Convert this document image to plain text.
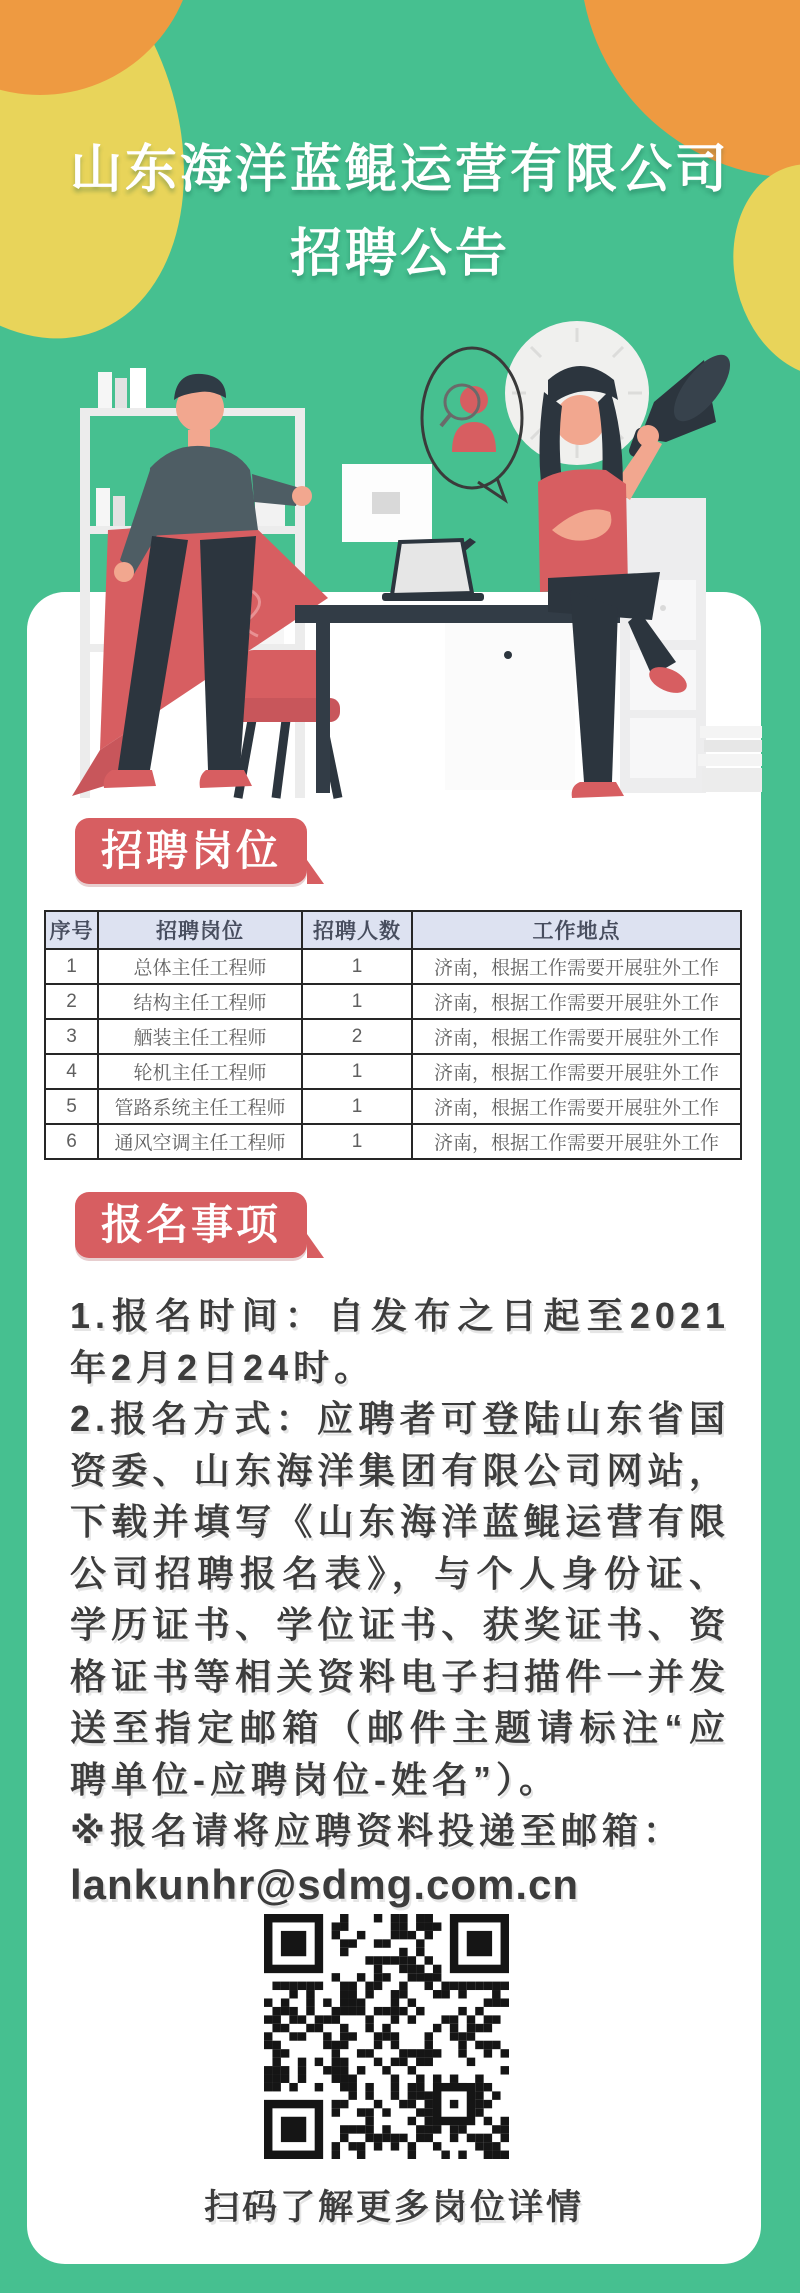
山东海洋蓝鲲运营有限公司
招聘公告
招聘岗位
序号	招聘岗位	招聘人数	工作地点
1	总体主任工程师	1	济南，根据工作需要开展驻外工作
2	结构主任工程师	1	济南，根据工作需要开展驻外工作
3	舾装主任工程师	2	济南，根据工作需要开展驻外工作
4	轮机主任工程师	1	济南，根据工作需要开展驻外工作
5	管路系统主任工程师	1	济南，根据工作需要开展驻外工作
6	通风空调主任工程师	1	济南，根据工作需要开展驻外工作
报名事项

1.报名时间：自发布之日起至2021年2月2日24时。

2.报名方式：应聘者可登陆山东省国资委、山东海洋集团有限公司网站，下载并填写《山东海洋蓝鲲运营有限公司招聘报名表》，与个人身份证、学历证书、学位证书、获奖证书、资格证书等相关资料电子扫描件一并发送至指定邮箱（邮件主题请标注“应聘单位-应聘岗位-姓名”）。

※报名请将应聘资料投递至邮箱：

lankunhr@sdmg.com.cn

扫码了解更多岗位详情
